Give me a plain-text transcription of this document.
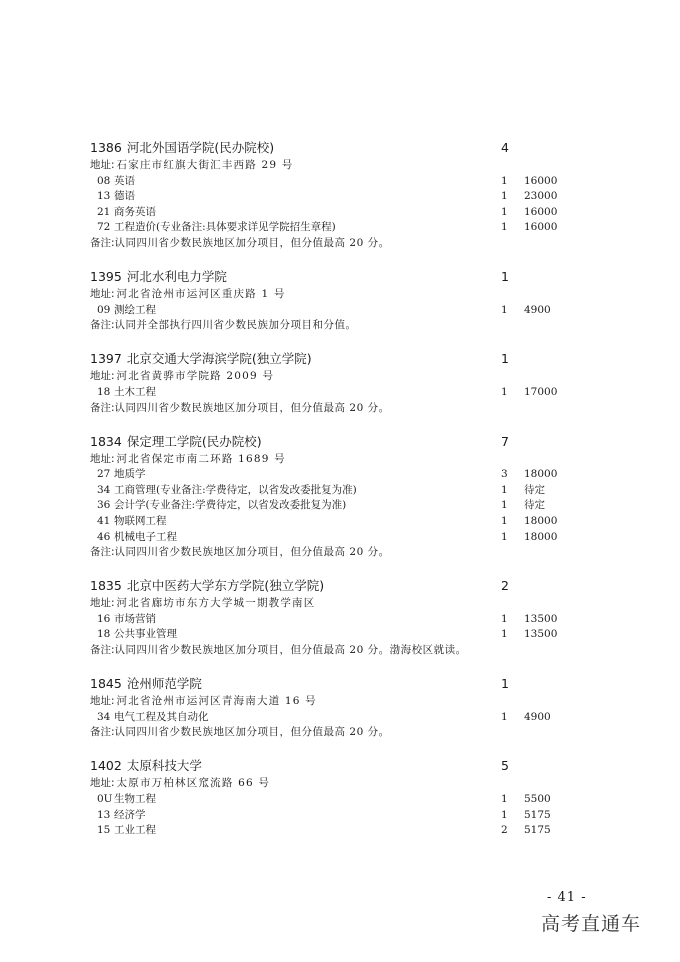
1386 河北外国语学院(民办院校)	4
地址: 石家庄市红旗大街汇丰西路 29 号
08 英语	1 16000
13 德语	1 23000
21 商务英语	1 16000
72 工程造价(专业备注:具体要求详见学院招生章程)	1 16000
备注:认同四川省少数民族地区加分项目，但分值最高 20 分。
1395 河北水利电力学院	1
地址: 河北省沧州市运河区重庆路 1 号
09 测绘工程	1 4900
备注:认同并全部执行四川省少数民族加分项目和分值。
1397 北京交通大学海滨学院(独立学院)	1
地址: 河北省黄骅市学院路 2009 号
18 土木工程	1 17000
备注:认同四川省少数民族地区加分项目，但分值最高 20 分。
1834 保定理工学院(民办院校)	7
地址: 河北省保定市南二环路 1689 号
27 地质学	3 18000
34 工商管理(专业备注:学费待定，以省发改委批复为准)	1 待定
36 会计学(专业备注:学费待定，以省发改委批复为准)	1 待定
41 物联网工程	1 18000
46 机械电子工程	1 18000
备注:认同四川省少数民族地区加分项目，但分值最高 20 分。
1835 北京中医药大学东方学院(独立学院)	2
地址: 河北省廊坊市东方大学城一期教学南区
16 市场营销	1 13500
18 公共事业管理	1 13500
备注:认同四川省少数民族地区加分项目，但分值最高 20 分。渤海校区就读。
1845 沧州师范学院	1
地址: 河北省沧州市运河区青海南大道 16 号
34 电气工程及其自动化	1 4900
备注:认同四川省少数民族地区加分项目，但分值最高 20 分。
1402 太原科技大学	5
地址: 太原市万柏林区窊流路 66 号
0U 生物工程	1 5500
13 经济学	1 5175
15 工业工程	2 5175
- 41 -
高考直通车
